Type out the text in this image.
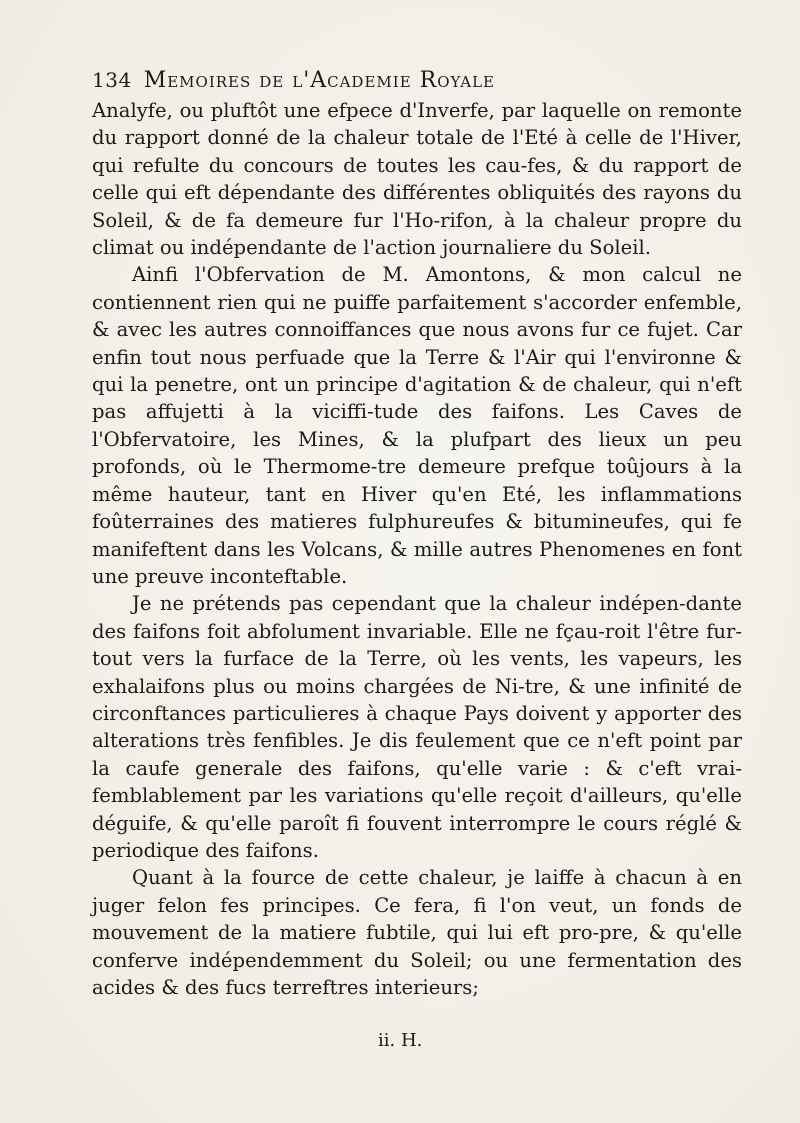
134 Memoires de l'Academie Royale

Analyfe, ou pluftôt une efpece d'Inverfe, par laquelle on remonte du rapport donné de la chaleur totale de l'Eté à celle de l'Hiver, qui refulte du concours de toutes les cau-fes, & du rapport de celle qui eft dépendante des différentes obliquités des rayons du Soleil, & de fa demeure fur l'Ho-rifon, à la chaleur propre du climat ou indépendante de l'action journaliere du Soleil.

Ainfi l'Obfervation de M. Amontons, & mon calcul ne contiennent rien qui ne puiffe parfaitement s'accorder enfemble, & avec les autres connoiffances que nous avons fur ce fujet. Car enfin tout nous perfuade que la Terre & l'Air qui l'environne & qui la penetre, ont un principe d'agitation & de chaleur, qui n'eft pas affujetti à la viciffi-tude des faifons. Les Caves de l'Obfervatoire, les Mines, & la plufpart des lieux un peu profonds, où le Thermome-tre demeure prefque toûjours à la même hauteur, tant en Hiver qu'en Eté, les inflammations foûterraines des matieres fulphureufes & bitumineufes, qui fe manifeftent dans les Volcans, & mille autres Phenomenes en font une preuve inconteftable.

Je ne prétends pas cependant que la chaleur indépen-dante des faifons foit abfolument invariable. Elle ne fçau-roit l'être fur-tout vers la furface de la Terre, où les vents, les vapeurs, les exhalaifons plus ou moins chargées de Ni-tre, & une infinité de circonftances particulieres à chaque Pays doivent y apporter des alterations très fenfibles. Je dis feulement que ce n'eft point par la caufe generale des faifons, qu'elle varie : & c'eft vrai-femblablement par les variations qu'elle reçoit d'ailleurs, qu'elle déguife, & qu'elle paroît fi fouvent interrompre le cours réglé & periodique des faifons.

Quant à la fource de cette chaleur, je laiffe à chacun à en juger felon fes principes. Ce fera, fi l'on veut, un fonds de mouvement de la matiere fubtile, qui lui eft pro-pre, & qu'elle conferve indépendemment du Soleil; ou une fermentation des acides & des fucs terreftres interieurs;

ii. H.
